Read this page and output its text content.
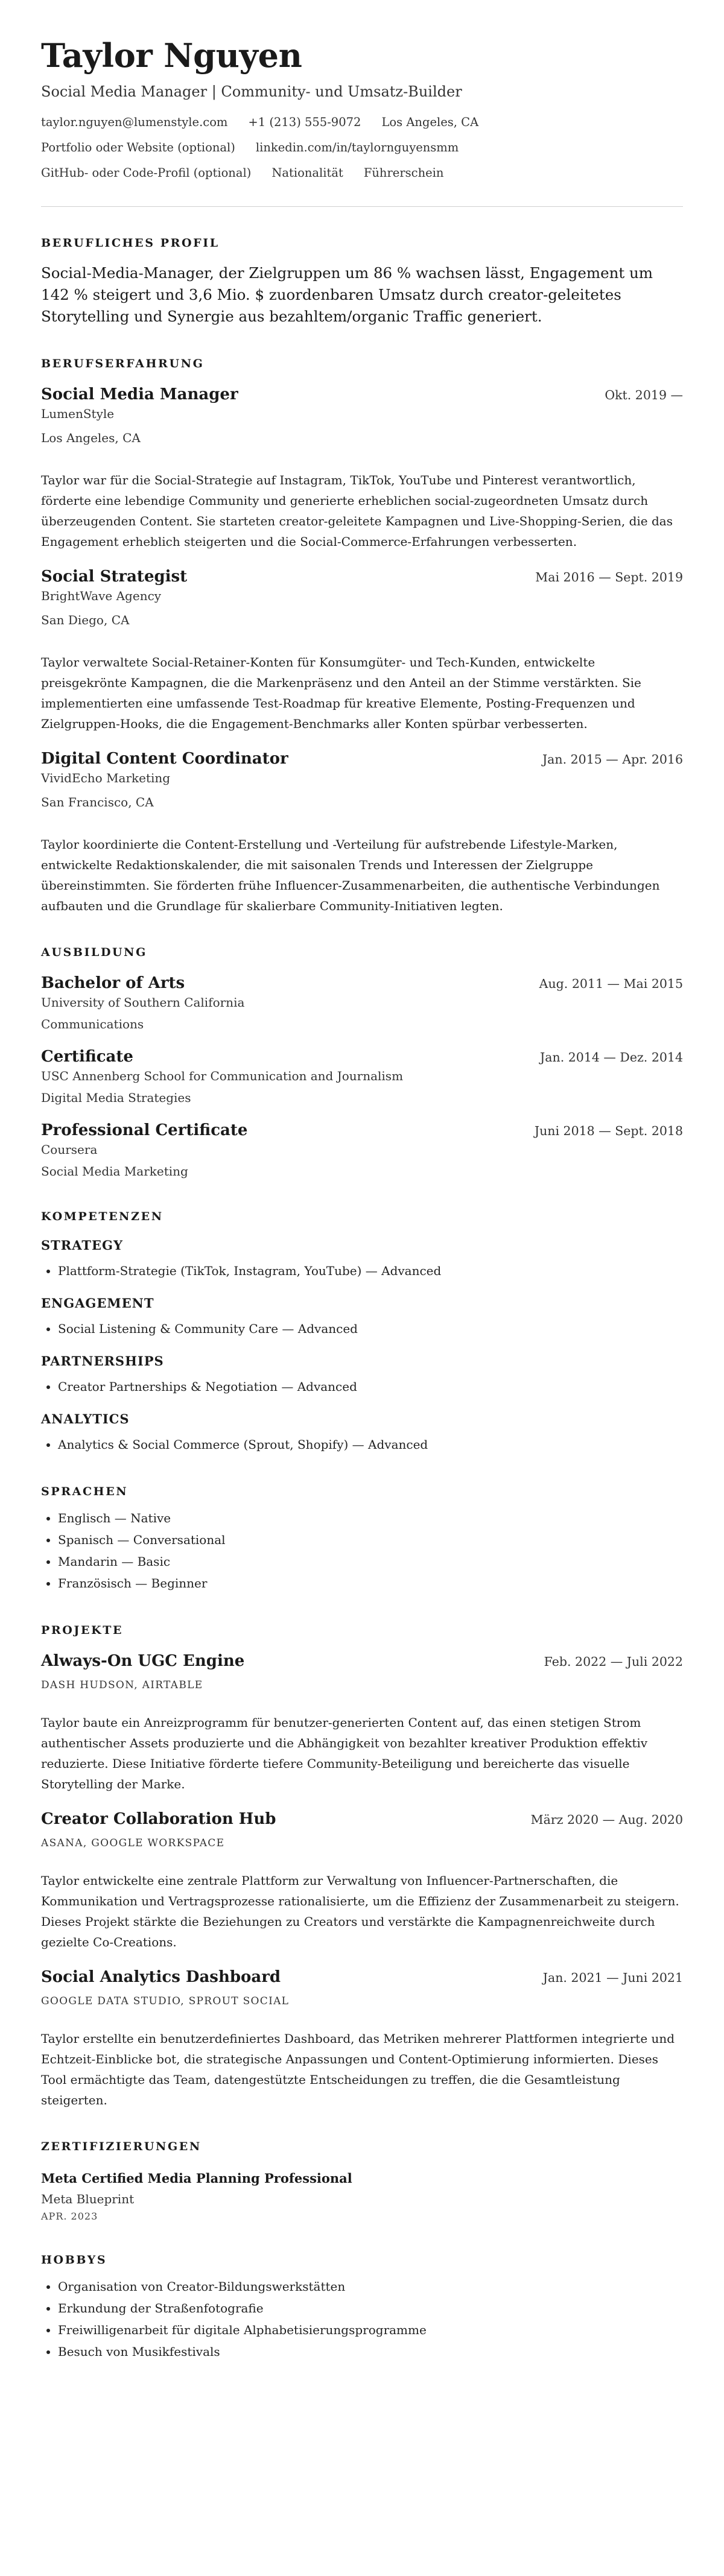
Taylor Nguyen
Social Media Manager | Community- und Umsatz-Builder
taylor.nguyen@lumenstyle.com +1 (213) 555-9072 Los Angeles, CA
Portfolio oder Website (optional) linkedin.com/in/taylornguyensmm
GitHub- oder Code-Profil (optional) Nationalität Führerschein
BERUFLICHES PROFIL
Social-Media-Manager, der Zielgruppen um 86 % wachsen lässt, Engagement um 142 % steigert und 3,6 Mio. $ zuordenbaren Umsatz durch creator-geleitetes Storytelling und Synergie aus bezahltem/organic Traffic generiert.
BERUFSERFAHRUNG
Social Media Manager	Okt. 2019 —
LumenStyle
Los Angeles, CA
Taylor war für die Social-Strategie auf Instagram, TikTok, YouTube und Pinterest verantwortlich, förderte eine lebendige Community und generierte erheblichen social-zugeordneten Umsatz durch überzeugenden Content. Sie starteten creator-geleitete Kampagnen und Live-Shopping-Serien, die das Engagement erheblich steigerten und die Social-Commerce-Erfahrungen verbesserten.
Social Strategist	Mai 2016 — Sept. 2019
BrightWave Agency
San Diego, CA
Taylor verwaltete Social-Retainer-Konten für Konsumgüter- und Tech-Kunden, entwickelte preisgekrönte Kampagnen, die die Markenpräsenz und den Anteil an der Stimme verstärkten. Sie implementierten eine umfassende Test-Roadmap für kreative Elemente, Posting-Frequenzen und Zielgruppen-Hooks, die die Engagement-Benchmarks aller Konten spürbar verbesserten.
Digital Content Coordinator	Jan. 2015 — Apr. 2016
VividEcho Marketing
San Francisco, CA
Taylor koordinierte die Content-Erstellung und -Verteilung für aufstrebende Lifestyle-Marken, entwickelte Redaktionskalender, die mit saisonalen Trends und Interessen der Zielgruppe übereinstimmten. Sie förderten frühe Influencer-Zusammenarbeiten, die authentische Verbindungen aufbauten und die Grundlage für skalierbare Community-Initiativen legten.
AUSBILDUNG
Bachelor of Arts	Aug. 2011 — Mai 2015
University of Southern California
Communications
Certificate	Jan. 2014 — Dez. 2014
USC Annenberg School for Communication and Journalism
Digital Media Strategies
Professional Certificate	Juni 2018 — Sept. 2018
Coursera
Social Media Marketing
KOMPETENZEN
STRATEGY
• Plattform-Strategie (TikTok, Instagram, YouTube) — Advanced
ENGAGEMENT
• Social Listening & Community Care — Advanced
PARTNERSHIPS
• Creator Partnerships & Negotiation — Advanced
ANALYTICS
• Analytics & Social Commerce (Sprout, Shopify) — Advanced
SPRACHEN
• Englisch — Native
• Spanisch — Conversational
• Mandarin — Basic
• Französisch — Beginner
PROJEKTE
Always-On UGC Engine	Feb. 2022 — Juli 2022
DASH HUDSON, AIRTABLE
Taylor baute ein Anreizprogramm für benutzer-generierten Content auf, das einen stetigen Strom authentischer Assets produzierte und die Abhängigkeit von bezahlter kreativer Produktion effektiv reduzierte. Diese Initiative förderte tiefere Community-Beteiligung und bereicherte das visuelle Storytelling der Marke.
Creator Collaboration Hub	März 2020 — Aug. 2020
ASANA, GOOGLE WORKSPACE
Taylor entwickelte eine zentrale Plattform zur Verwaltung von Influencer-Partnerschaften, die Kommunikation und Vertragsprozesse rationalisierte, um die Effizienz der Zusammenarbeit zu steigern. Dieses Projekt stärkte die Beziehungen zu Creators und verstärkte die Kampagnenreichweite durch gezielte Co-Creations.
Social Analytics Dashboard	Jan. 2021 — Juni 2021
GOOGLE DATA STUDIO, SPROUT SOCIAL
Taylor erstellte ein benutzerdefiniertes Dashboard, das Metriken mehrerer Plattformen integrierte und Echtzeit-Einblicke bot, die strategische Anpassungen und Content-Optimierung informierten. Dieses Tool ermächtigte das Team, datengestützte Entscheidungen zu treffen, die die Gesamtleistung steigerten.
ZERTIFIZIERUNGEN
Meta Certified Media Planning Professional
Meta Blueprint
APR. 2023
HOBBYS
• Organisation von Creator-Bildungswerkstätten
• Erkundung der Straßenfotografie
• Freiwilligenarbeit für digitale Alphabetisierungsprogramme
• Besuch von Musikfestivals
